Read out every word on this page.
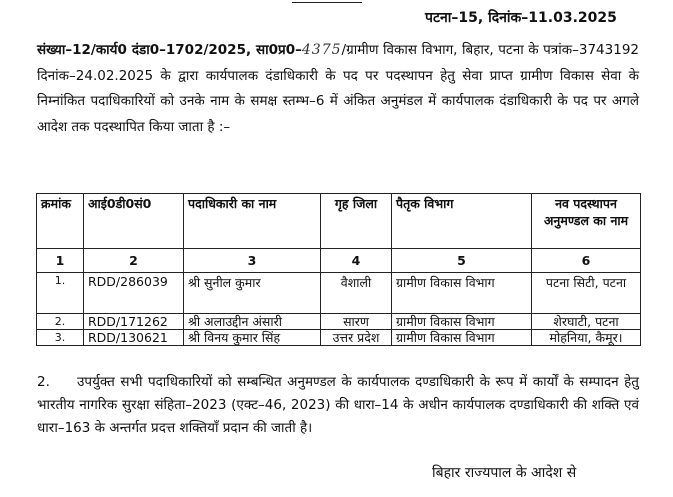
पटना–15, दिनांक–11.03.2025
संख्या–12/कार्य0 दंडा0–1702/2025, सा0प्र0–4375/ग्रामीण विकास विभाग, बिहार, पटना के पत्रांक–3743192 दिनांक–24.02.2025 के द्वारा कार्यपालक दंडाधिकारी के पद पर पदस्थापन हेतु सेवा प्राप्त ग्रामीण विकास सेवा के निम्नांकित पदाधिकारियों को उनके नाम के समक्ष स्तम्भ–6 में अंकित अनुमंडल में कार्यपालक दंडाधिकारी के पद पर अगले आदेश तक पदस्थापित किया जाता है :–
क्रमांक	आई0डी0सं0	पदाधिकारी का नाम	गृह जिला	पैतृक विभाग	नव पदस्थापन अनुमण्डल का नाम
1	2	3	4	5	6
1.	RDD/286039	श्री सुनील कुमार	वैशाली	ग्रामीण विकास विभाग	पटना सिटी, पटना
2.	RDD/171262	श्री अलाउद्दीन अंसारी	सारण	ग्रामीण विकास विभाग	शेरघाटी, पटना
3.	RDD/130621	श्री विनय कुमार सिंह	उत्तर प्रदेश	ग्रामीण विकास विभाग	मोहनिया, कैमूर।
2. उपर्युक्त सभी पदाधिकारियों को सम्बन्धित अनुमण्डल के कार्यपालक दण्डाधिकारी के रूप में कार्यों के सम्पादन हेतु भारतीय नागरिक सुरक्षा संहिता–2023 (एक्ट–46, 2023) की धारा–14 के अधीन कार्यपालक दण्डाधिकारी की शक्ति एवं धारा–163 के अन्तर्गत प्रदत्त शक्तियाँ प्रदान की जाती है।
बिहार राज्यपाल के आदेश से
